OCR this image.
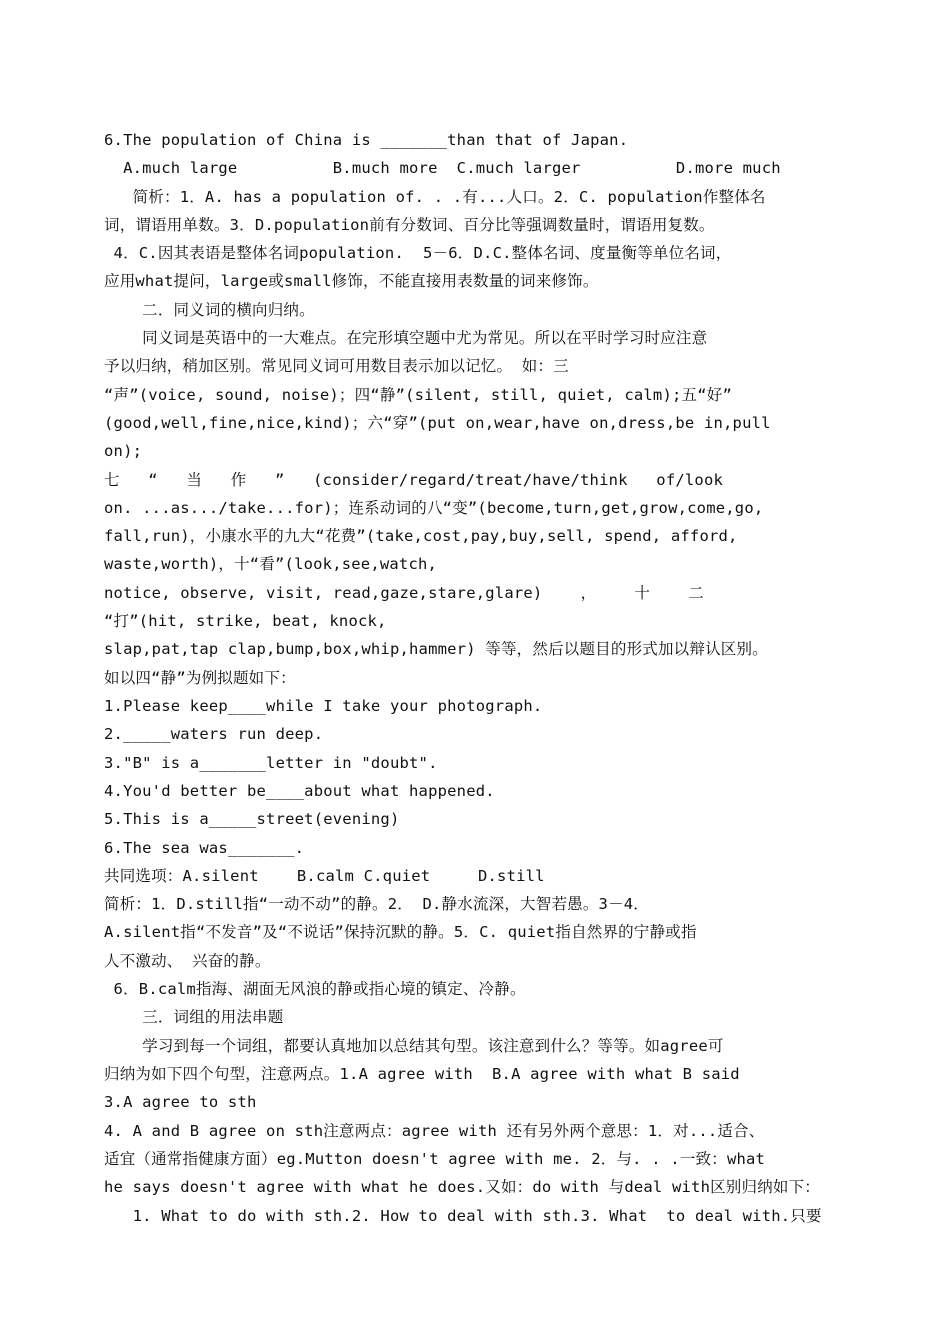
6.The population of China is _______than that of Japan.
A.much large          B.much more  C.much larger          D.more much
简析：1．A. has a population of. . .有...人口。2．C. population作整体名
词，谓语用单数。3．D.population前有分数词、百分比等强调数量时，谓语用复数。
4．C.因其表语是整体名词population.  5－6．D.C.整体名词、度量衡等单位名词，
应用what提问，large或small修饰，不能直接用表数量的词来修饰。
二．同义词的横向归纳。
同义词是英语中的一大难点。在完形填空题中尤为常见。所以在平时学习时应注意
予以归纳，稍加区别。常见同义词可用数目表示加以记忆。 如：三
“声”(voice, sound, noise)；四“静”(silent, still, quiet, calm);五“好”
(good,well,fine,nice,kind)；六“穿”(put on,wear,have on,dress,be in,pull
on);
七   “   当   作   ”   (consider/regard/treat/have/think   of/look
on. ...as.../take...for)；连系动词的八“变”(become,turn,get,grow,come,go,
fall,run)，小康水平的九大“花费”(take,cost,pay,buy,sell, spend, afford,
waste,worth)，十“看”(look,see,watch,
notice, observe, visit, read,gaze,stare,glare)    ，    十    二
“打”(hit, strike, beat, knock,
slap,pat,tap clap,bump,box,whip,hammer) 等等，然后以题目的形式加以辩认区别。
如以四“静”为例拟题如下：
1.Please keep____while I take your photograph.
2._____waters run deep.
3."B" is a_______letter in "doubt".
4.You'd better be____about what happened.
5.This is a_____street(evening)
6.The sea was_______.
共同选项：A.silent    B.calm C.quiet     D.still
简析：1．D.still指“一动不动”的静。2． D.静水流深，大智若愚。3－4．
A.silent指“不发音”及“不说话”保持沉默的静。5．C. quiet指自然界的宁静或指
人不激动、 兴奋的静。
6．B.calm指海、湖面无风浪的静或指心境的镇定、冷静。
三．词组的用法串题
学习到每一个词组，都要认真地加以总结其句型。该注意到什么？等等。如agree可
归纳为如下四个句型，注意两点。1.A agree with  B.A agree with what B said
3.A agree to sth
4. A and B agree on sth注意两点：agree with 还有另外两个意思：1．对...适合、
适宜（通常指健康方面）eg.Mutton doesn't agree with me. 2．与. . .一致：what
he says doesn't agree with what he does.又如：do with 与deal with区别归纳如下：
1. What to do with sth.2. How to deal with sth.3. What  to deal with.只要
